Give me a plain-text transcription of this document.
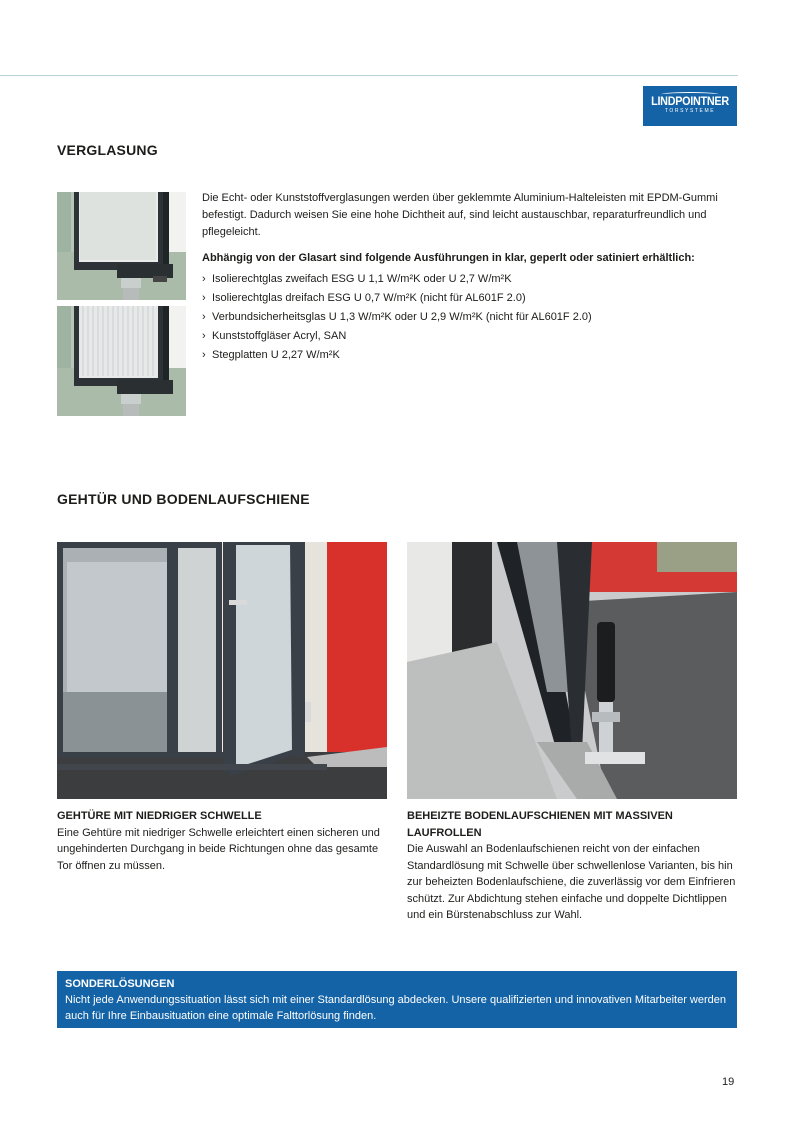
LINDPOINTNER
TORSYSTEME
VERGLASUNG

Die Echt- oder Kunststoffverglasungen werden über geklemmte Aluminium-Halteleisten mit EPDM-Gummi befestigt. Dadurch weisen Sie eine hohe Dichtheit auf, sind leicht austauschbar, reparaturfreundlich und pflegeleicht.

Abhängig von der Glasart sind folgende Ausführungen in klar, geperlt oder satiniert erhältlich:

› Isolierechtglas zweifach ESG U 1,1 W/m²K oder U 2,7 W/m²K
› Isolierechtglas dreifach ESG U 0,7 W/m²K (nicht für AL601F 2.0)
› Verbundsicherheitsglas U 1,3 W/m²K oder U 2,9 W/m²K (nicht für AL601F 2.0)
› Kunststoffgläser Acryl, SAN
› Stegplatten U 2,27 W/m²K
GEHTÜR UND BODENLAUFSCHIENE

GEHTÜRE MIT NIEDRIGER SCHWELLE

Eine Gehtüre mit niedriger Schwelle erleichtert einen sicheren und ungehinderten Durchgang in beide Richtungen ohne das gesamte Tor öffnen zu müssen.

BEHEIZTE BODENLAUFSCHIENEN MIT MASSIVEN LAUFROLLEN

Die Auswahl an Bodenlaufschienen reicht von der einfachen Standardlösung mit Schwelle über schwellenlose Varianten, bis hin zur beheizten Bodenlaufschiene, die zuverlässig vor dem Einfrieren schützt. Zur Abdichtung stehen einfache und doppelte Dichtlippen und ein Bürstenabschluss zur Wahl.

SONDERLÖSUNGEN

Nicht jede Anwendungssituation lässt sich mit einer Standardlösung abdecken. Unsere qualifizierten und innovativen Mitarbeiter werden auch für Ihre Einbausituation eine optimale Falttorlösung finden.

19
